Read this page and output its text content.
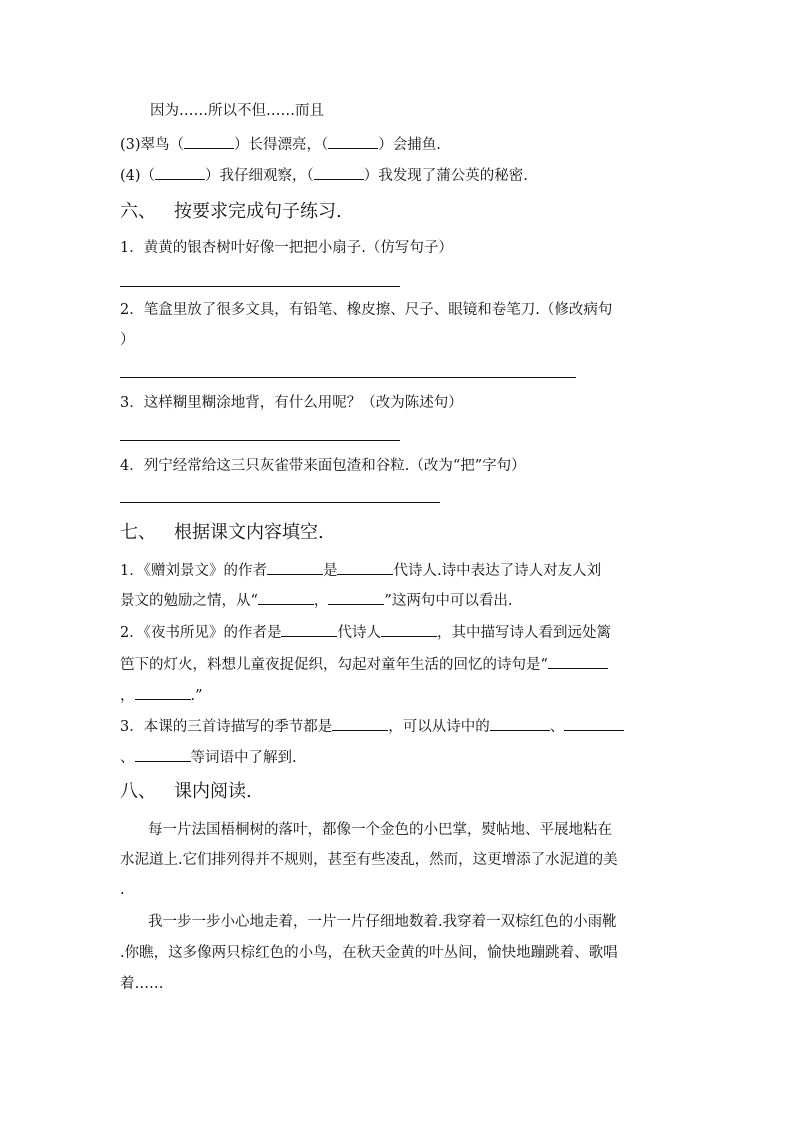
因为……所以不但……而且
(3)翠鸟（	）长得漂亮，（	）会捕鱼.
(4)（	）我仔细观察，（	）我发现了蒲公英的秘密.
六、 按要求完成句子练习.
1．黄黄的银杏树叶好像一把把小扇子.（仿写句子）
2．笔盒里放了很多文具，有铅笔、橡皮擦、尺子、眼镜和卷笔刀.（修改病句
）
3．这样糊里糊涂地背，有什么用呢？（改为陈述句）
4．列宁经常给这三只灰雀带来面包渣和谷粒.（改为“把”字句）
七、 根据课文内容填空.
1．《赠刘景文》的作者	是	代诗人.诗中表达了诗人对友人刘
景文的勉励之情，从“	，	”这两句中可以看出.
2．《夜书所见》的作者是	代诗人	，其中描写诗人看到远处篱
笆下的灯火，料想儿童夜捉促织，勾起对童年生活的回忆的诗句是“
，	.”
3．本课的三首诗描写的季节都是	，可以从诗中的	、
、	等词语中了解到.
八、 课内阅读.
每一片法国梧桐树的落叶，都像一个金色的小巴掌，熨帖地、平展地粘在
水泥道上.它们排列得并不规则，甚至有些凌乱，然而，这更增添了水泥道的美
.
我一步一步小心地走着，一片一片仔细地数着.我穿着一双棕红色的小雨靴
.你瞧，这多像两只棕红色的小鸟，在秋天金黄的叶丛间，愉快地蹦跳着、歌唱
着……
